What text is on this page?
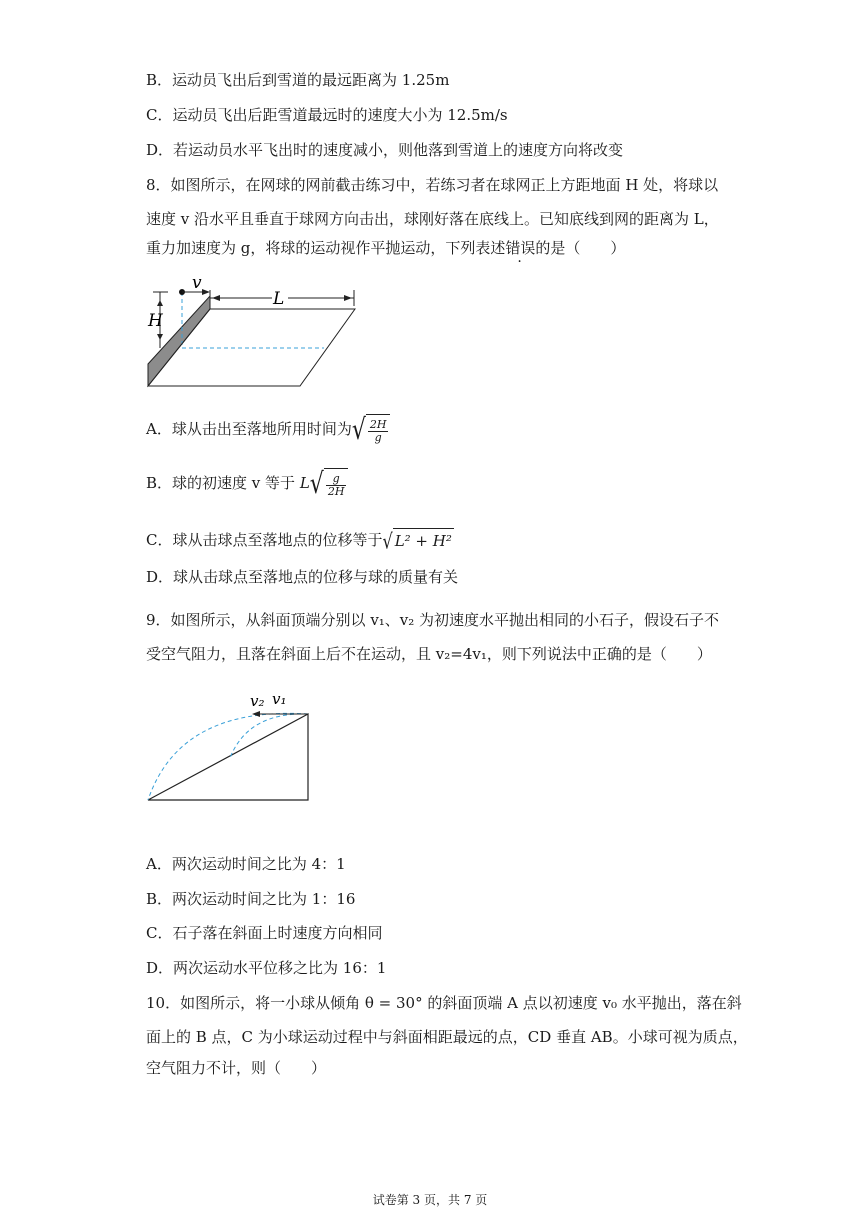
B．运动员飞出后到雪道的最远距离为 1.25m
C．运动员飞出后距雪道最远时的速度大小为 12.5m/s
D．若运动员水平飞出时的速度减小，则他落到雪道上的速度方向将改变
8．如图所示，在网球的网前截击练习中，若练习者在球网正上方距地面 H 处，将球以
速度 v 沿水平且垂直于球网方向击出，球刚好落在底线上。已知底线到网的距离为 L，
重力加速度为 g，将球的运动视作平抛运动，下列表述错误的是（　　）
H
v
L
A．球从击出至落地所用时间为√ $\frac{2H}{g}$
B．球的初速度 v 等于 $L√ \frac{g}{2H}$
C．球从击球点至落地点的位移等于√ L² + H²
D．球从击球点至落地点的位移与球的质量有关
9．如图所示，从斜面顶端分别以 v₁、v₂ 为初速度水平抛出相同的小石子，假设石子不
受空气阻力，且落在斜面上后不在运动，且 v₂=4v₁，则下列说法中正确的是（　　）
v₂ v₁
A．两次运动时间之比为 4：1
B．两次运动时间之比为 1：16
C．石子落在斜面上时速度方向相同
D．两次运动水平位移之比为 16：1
10．如图所示，将一小球从倾角 θ = 30° 的斜面顶端 A 点以初速度 v₀ 水平抛出，落在斜
面上的 B 点，C 为小球运动过程中与斜面相距最远的点，CD 垂直 AB。小球可视为质点，
空气阻力不计，则（　　）
试卷第 3 页，共 7 页
